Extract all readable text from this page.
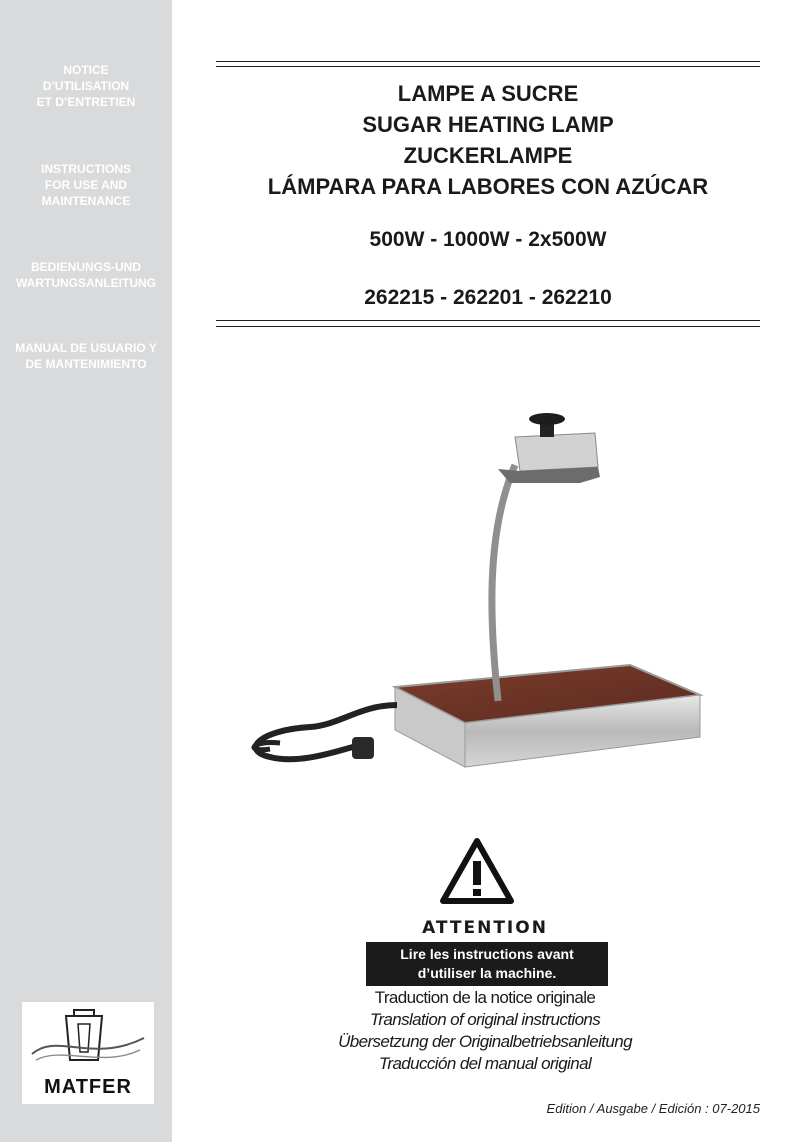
NOTICE
D’UTILISATION
ET D’ENTRETIEN
INSTRUCTIONS
FOR USE AND
MAINTENANCE
BEDIENUNGS-UND
WARTUNGSANLEITUNG
MANUAL DE USUARIO Y
DE MANTENIMIENTO
MATFER
LAMPE A SUCRE
SUGAR HEATING LAMP
ZUCKERLAMPE
LÁMPARA PARA LABORES CON AZÚCAR
500W - 1000W - 2x500W
262215 - 262201 - 262210
ATTENTION
Lire les instructions avant
d’utiliser la machine.
Traduction de la notice originale
Translation of original instructions
Übersetzung der Originalbetriebsanleitung
Traducción del manual original
Edition / Ausgabe / Edición : 07-2015
